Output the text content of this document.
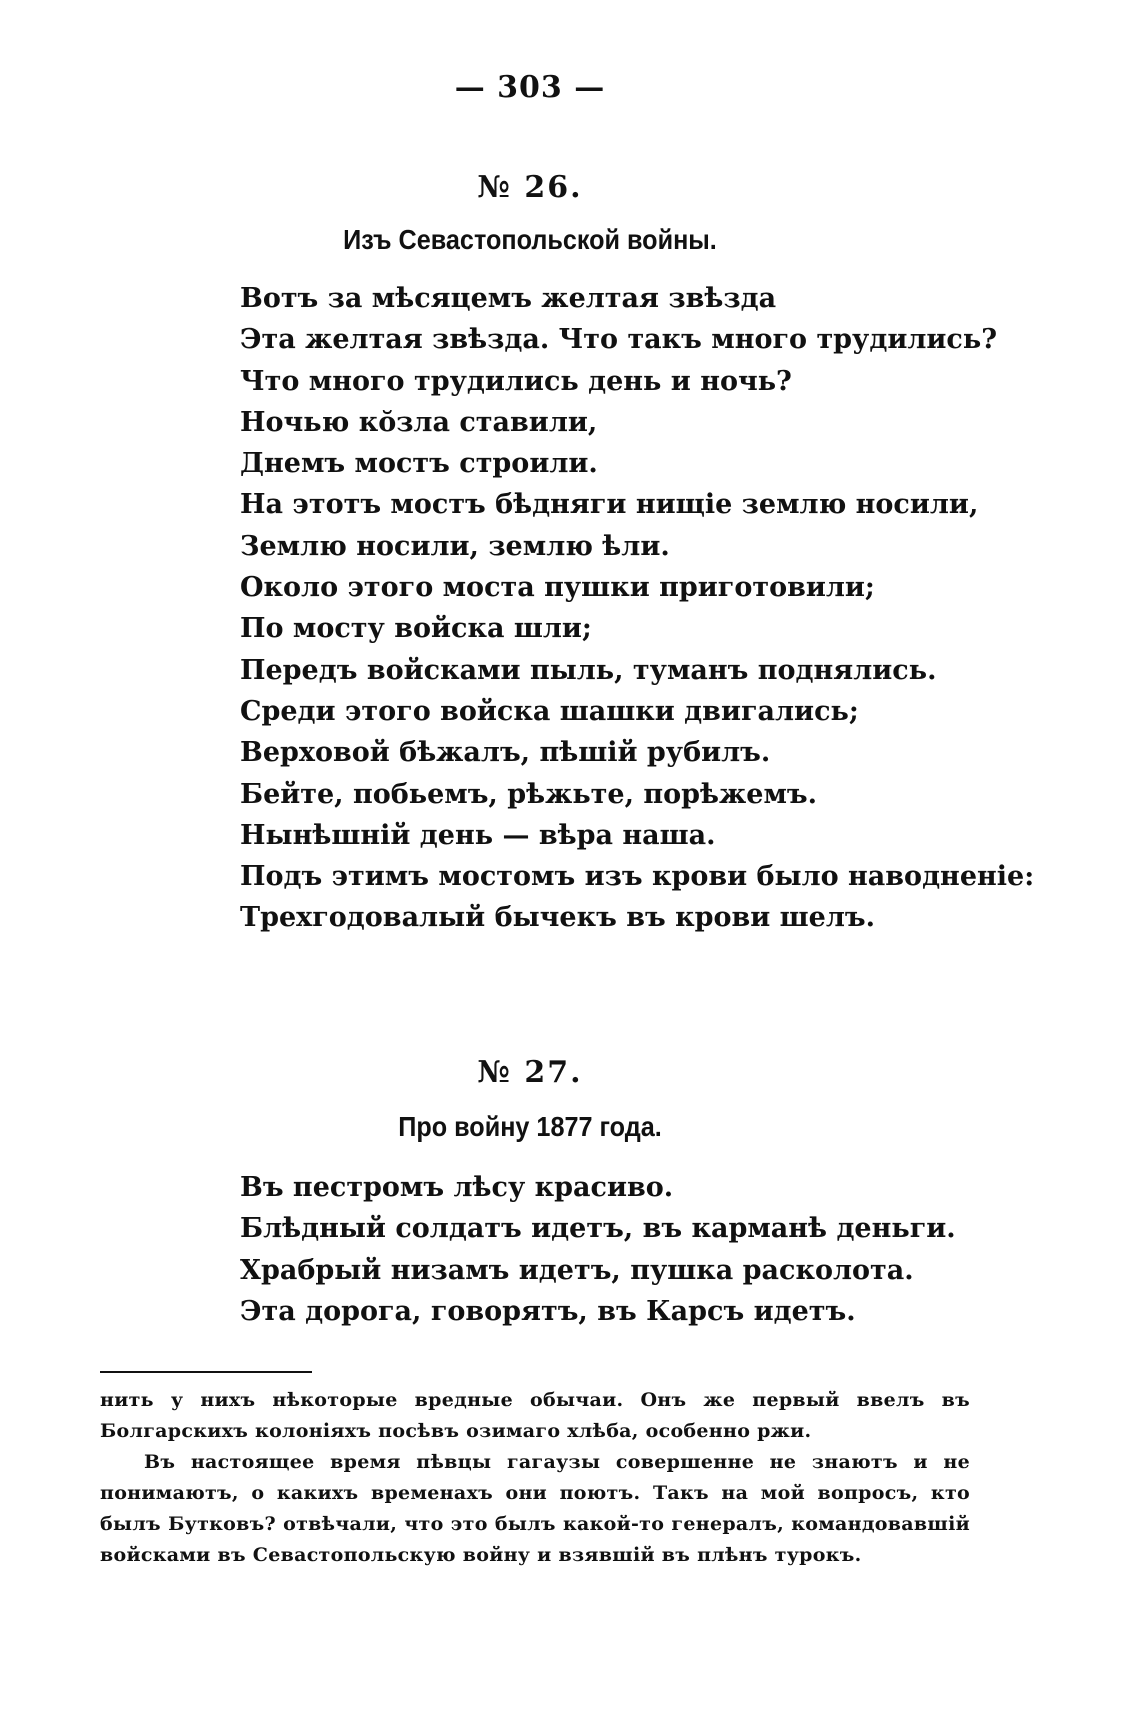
— 303 —
№ 26.
Изъ Севастопольской войны.
Вотъ за мѣсяцемъ желтая звѣзда
Эта желтая звѣзда. Что такъ много трудились?
Что много трудились день и ночь?
Ночью кŏзла ставили,
Днемъ мостъ строили.
На этотъ мостъ бѣдняги нищіе землю носили,
Землю носили, землю ѣли.
Около этого моста пушки приготовили;
По мосту войска шли;
Передъ войсками пыль, туманъ поднялись.
Среди этого войска шашки двигались;
Верховой бѣжалъ, пѣшій рубилъ.
Бейте, побьемъ, рѣжьте, порѣжемъ.
Нынѣшній день — вѣра наша.
Подъ этимъ мостомъ изъ крови было наводненіе:
Трехгодовалый бычекъ въ крови шелъ.
№ 27.
Про войну 1877 года.
Въ пестромъ лѣсу красиво.
Блѣдный солдатъ идетъ, въ карманѣ деньги.
Храбрый низамъ идетъ, пушка расколота.
Эта дорога, говорятъ, въ Карсъ идетъ.

нить у нихъ нѣкоторые вредные обычаи. Онъ же первый ввелъ въ Болгарскихъ колоніяхъ посѣвъ озимаго хлѣба, особенно ржи.

Въ настоящее время пѣвцы гагаузы совершенне не знаютъ и не понимаютъ, о какихъ временахъ они поютъ. Такъ на мой вопросъ, кто былъ Бутковъ? отвѣчали, что это былъ какой-то генералъ, командовавшій войсками въ Севастопольскую войну и взявшій въ плѣнъ турокъ.
